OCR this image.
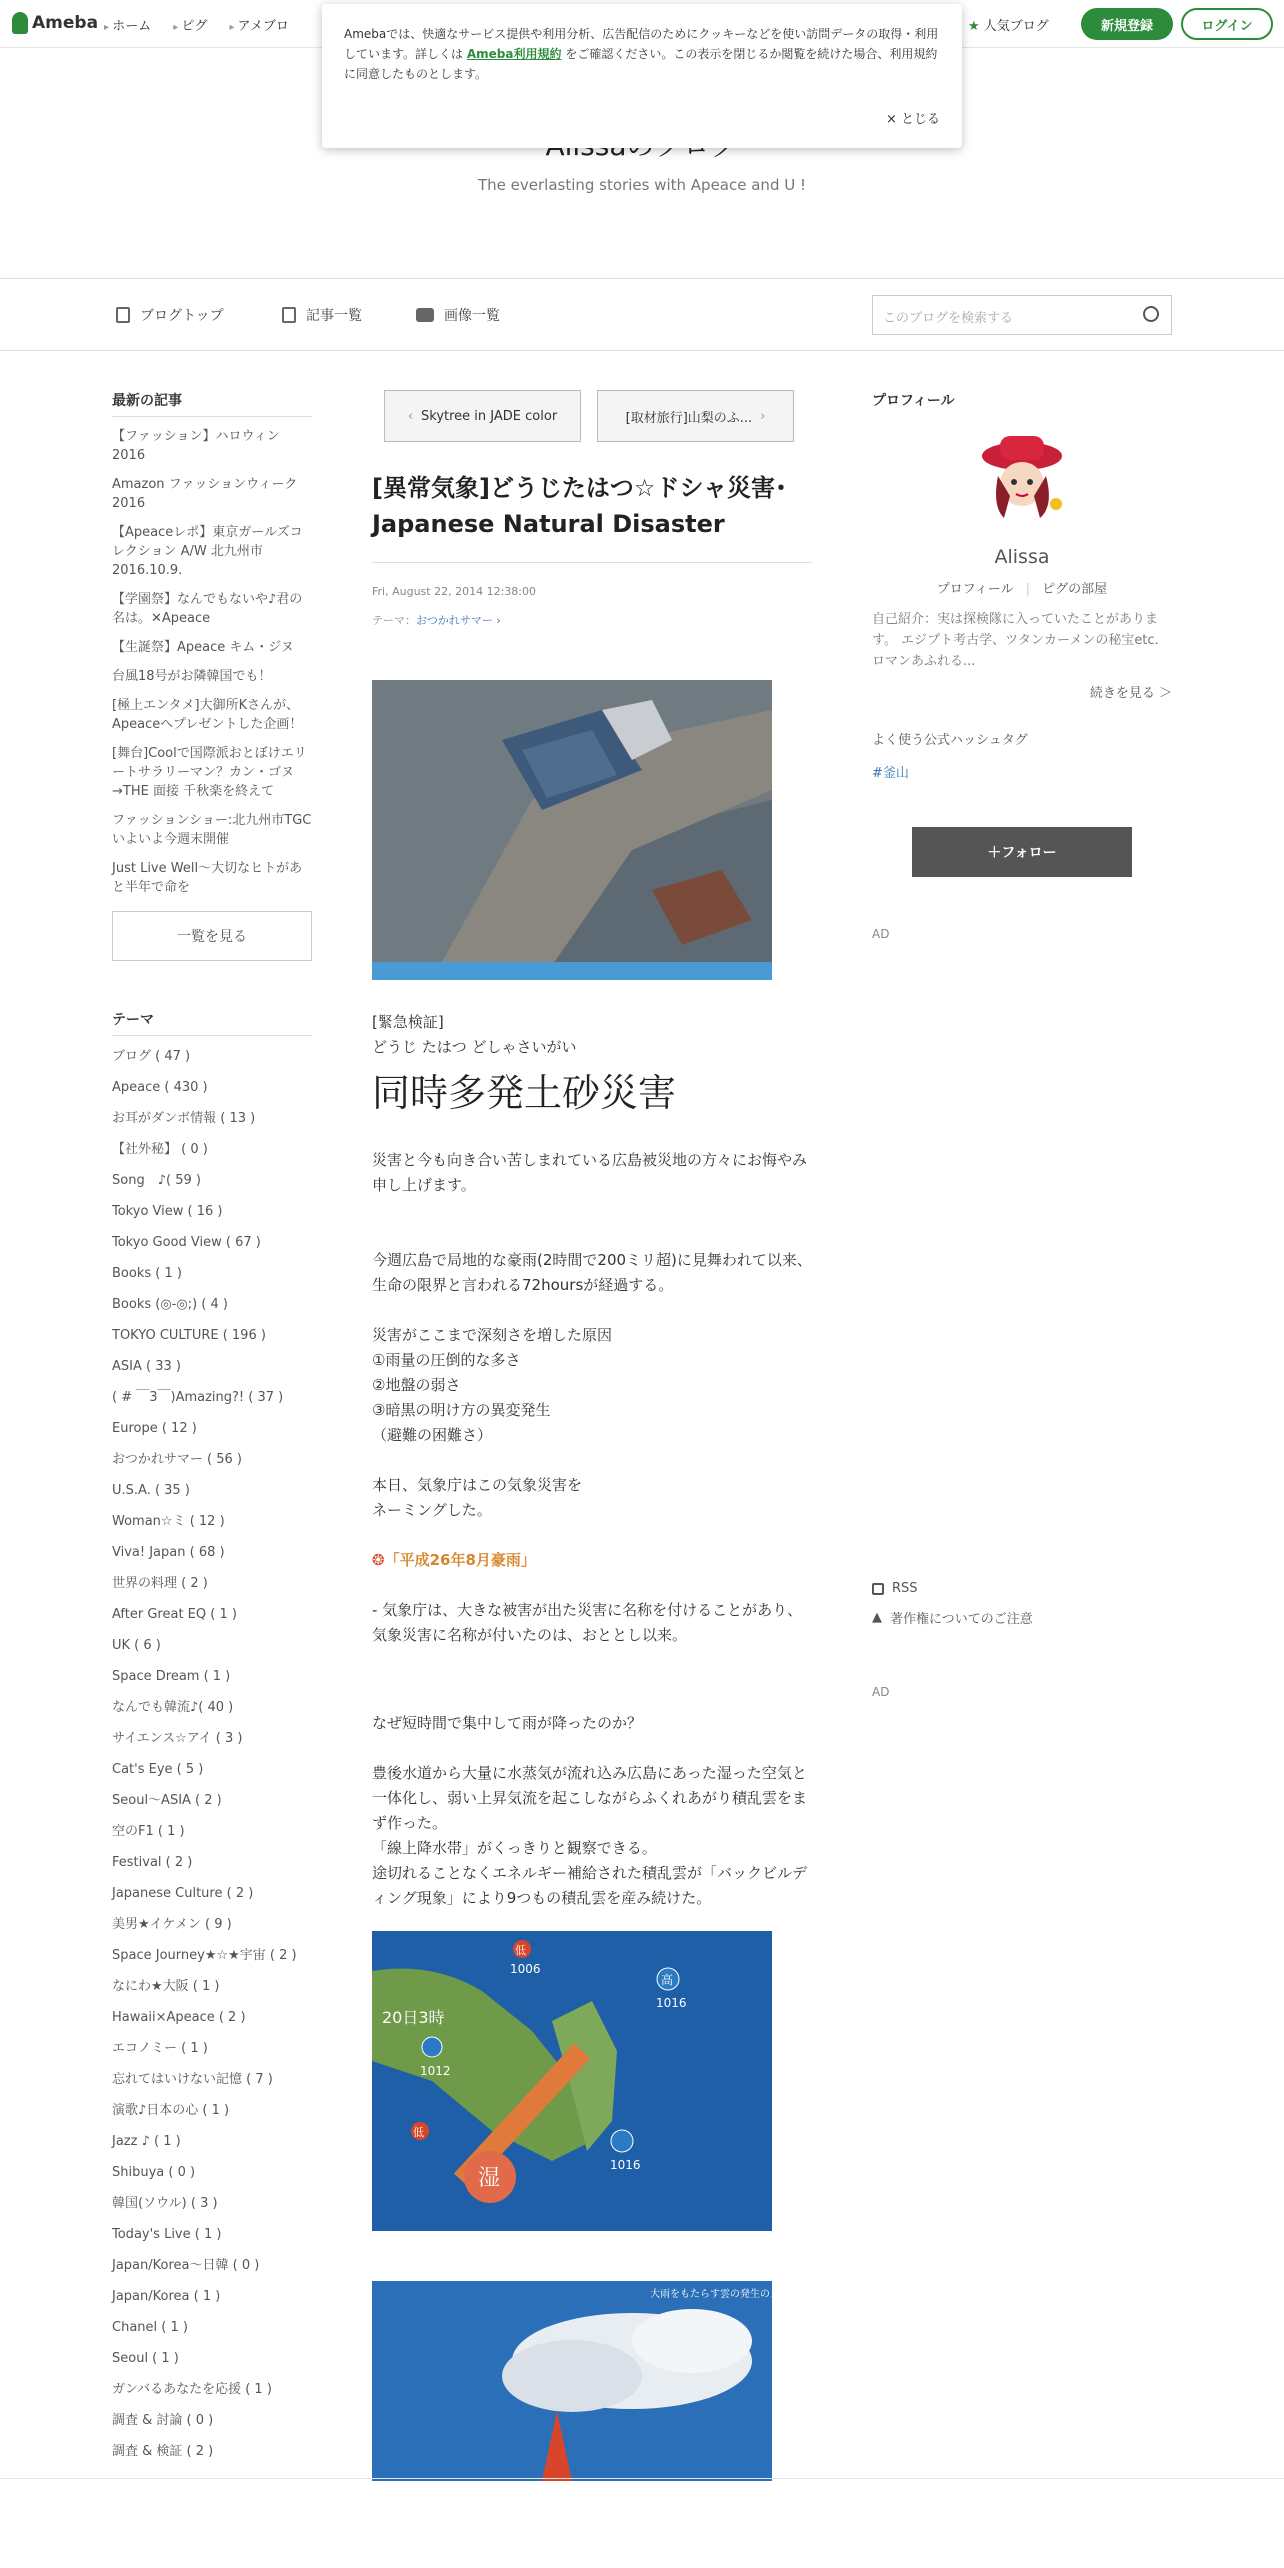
Ameba	▸ ホーム	▸ ピグ	▸ アメブロ	★ 人気ブログ	新規登録	ログイン
Amebaでは、快適なサービス提供や利用分析、広告配信のためにクッキーなどを使い訪問データの取得・利用しています。詳しくは Ameba利用規約 をご確認ください。この表示を閉じるか閲覧を続けた場合、利用規約に同意したものとします。
× とじる
The everlasting stories with Apeace and U !
ブログトップ	記事一覧	画像一覧	このブログを検索する
最新の記事
【ファッション】ハロウィン2016
Amazon ファッションウィーク2016
【Apeaceレポ】東京ガールズコレクション A/W 北九州市2016.10.9.
【学園祭】なんでもないや♪君の名は。✕Apeace
【生誕祭】Apeace キム・ジヌ
台風18号がお隣韓国でも！
[極上エンタメ]大御所Kさんが、Apeaceへプレゼントした企画！
[舞台]Coolで国際派おとぼけエリートサラリーマン？カン・ゴヌ→THE 面接 千秋楽を終えて
ファッションショー:北九州市TGC いよいよ今週末開催
Just Live Well～大切なヒトがあと半年で命を
一覧を見る
テーマ
ブログ ( 47 )
Apeace ( 430 )
お耳がダンボ情報 ( 13 )
【社外秘】 ( 0 )
Song　♪( 59 )
Tokyo View ( 16 )
Tokyo Good View ( 67 )
Books ( 1 )
Books (◎-◎;) ( 4 )
TOKYO CULTURE ( 196 )
ASIA ( 33 )
( # ￣3￣)Amazing?! ( 37 )
Europe ( 12 )
おつかれサマー ( 56 )
U.S.A. ( 35 )
Woman☆ミ ( 12 )
Viva! Japan ( 68 )
世界の料理 ( 2 )
After Great EQ ( 1 )
UK ( 6 )
Space Dream ( 1 )
なんでも韓流♪( 40 )
サイエンス☆アイ ( 3 )
Cat's Eye ( 5 )
Seoul～ASIA ( 2 )
空のF1 ( 1 )
Festival ( 2 )
Japanese Culture ( 2 )
美男★イケメン ( 9 )
Space Journey★☆★宇宙 ( 2 )
なにわ★大阪 ( 1 )
Hawaii×Apeace ( 2 )
エコノミー ( 1 )
忘れてはいけない記憶 ( 7 )
演歌♪日本の心 ( 1 )
Jazz ♪ ( 1 )
Shibuya ( 0 )
韓国(ソウル) ( 3 )
Today's Live ( 1 )
Japan/Korea～日韓 ( 0 )
Japan/Korea ( 1 )
Chanel ( 1 )
Seoul ( 1 )
ガンバるあなたを応援 ( 1 )
調査 & 討論 ( 0 )
調査 & 検証 ( 2 )
‹ Skytree in JADE color	[取材旅行]山梨のふ... ›
[異常気象]どうじたはつ☆ドシャ災害･Japanese Natural Disaster
Fri, August 22, 2014 12:38:00
テーマ：おつかれサマー ›

[緊急検証]

どうじ たはつ どしゃさいがい

同時多発土砂災害

災害と今も向き合い苦しまれている広島被災地の方々にお悔やみ申し上げます。

今週広島で局地的な豪雨(2時間で200ミリ超)に見舞われて以来、生命の限界と言われる72hoursが経過する。

災害がここまで深刻さを増した原因

①雨量の圧倒的な多さ

②地盤の弱さ

③暗黒の明け方の異変発生

（避難の困難さ）

本日、気象庁はこの気象災害を

ネーミングした。

❂「平成26年8月豪雨」

- 気象庁は、大きな被害が出た災害に名称を付けることがあり、気象災害に名称が付いたのは、おととし以来。

なぜ短時間で集中して雨が降ったのか？

豊後水道から大量に水蒸気が流れ込み広島にあった湿った空気と一体化し、弱い上昇気流を起こしながらふくれあがり積乱雲をまず作った。

「線上降水帯」がくっきりと観察できる。

途切れることなくエネルギー補給された積乱雲が「バックビルディング現象」により9つもの積乱雲を産み続けた。

湿
20日3時
低
1006
高
1016
1012
1016
低
大雨をもたらす雲の発生のメカニズム
プロフィール
Alissa
プロフィール | ピグの部屋
自己紹介：実は探検隊に入っていたことがあります。 エジプト考古学、ツタンカーメンの秘宝etc.　ロマンあふれる...
続きを見る ＞
よく使う公式ハッシュタグ
#釜山
＋フォロー
AD
RSS
▲ 著作権についてのご注意
AD
